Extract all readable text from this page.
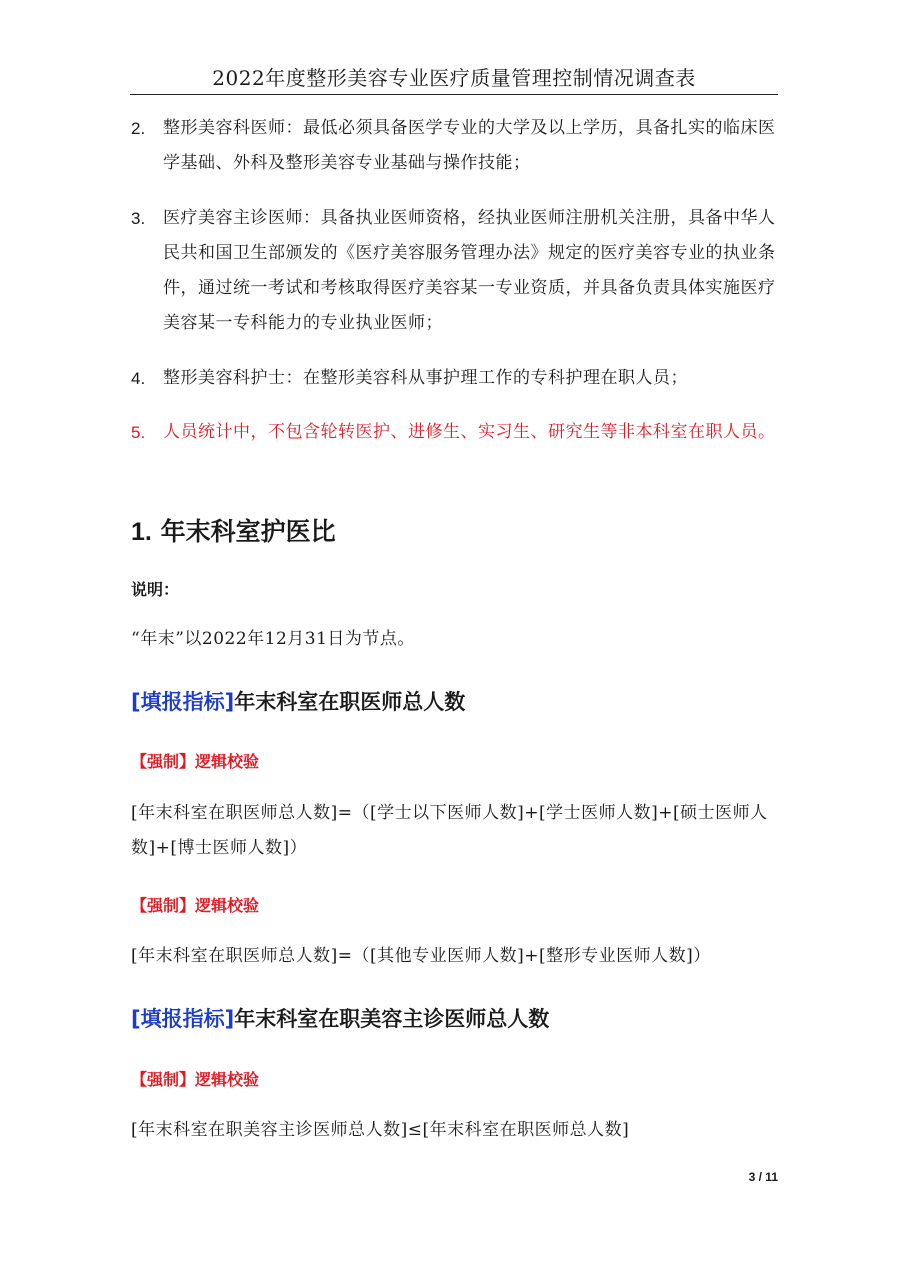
2022年度整形美容专业医疗质量管理控制情况调查表
2. 整形美容科医师：最低必须具备医学专业的大学及以上学历，具备扎实的临床医学基础、外科及整形美容专业基础与操作技能；
3. 医疗美容主诊医师：具备执业医师资格，经执业医师注册机关注册，具备中华人民共和国卫生部颁发的《医疗美容服务管理办法》规定的医疗美容专业的执业条件，通过统一考试和考核取得医疗美容某一专业资质，并具备负责具体实施医疗美容某一专科能力的专业执业医师；
4. 整形美容科护士：在整形美容科从事护理工作的专科护理在职人员；
5. 人员统计中，不包含轮转医护、进修生、实习生、研究生等非本科室在职人员。
1. 年末科室护医比
说明：
“年末”以2022年12月31日为节点。
[填报指标]年末科室在职医师总人数
【强制】逻辑校验
[年末科室在职医师总人数]=（[学士以下医师人数]+[学士医师人数]+[硕士医师人数]+[博士医师人数]）
【强制】逻辑校验
[年末科室在职医师总人数]=（[其他专业医师人数]+[整形专业医师人数]）
[填报指标]年末科室在职美容主诊医师总人数
【强制】逻辑校验
[年末科室在职美容主诊医师总人数]≤[年末科室在职医师总人数]
3 / 11
